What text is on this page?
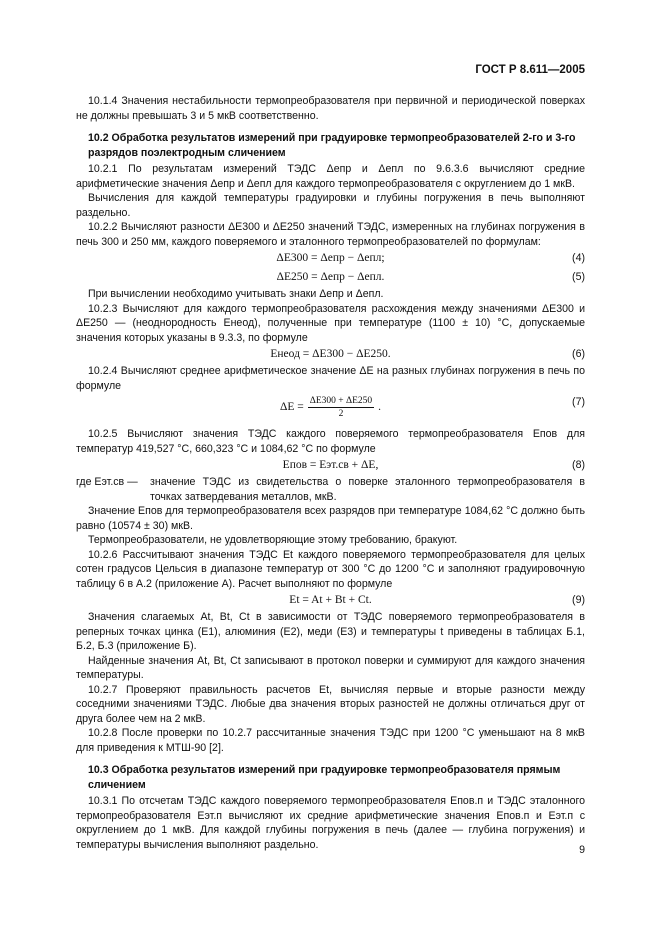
ГОСТ Р 8.611—2005

10.1.4 Значения нестабильности термопреобразователя при первичной и периодической поверках не должны превышать 3 и 5 мкВ соответственно.

10.2 Обработка результатов измерений при градуировке термопреобразователей 2-го и 3-го
разрядов поэлектродным сличением

10.2.1 По результатам измерений ТЭДС Δeпр и Δeпл по 9.6.3.6 вычисляют средние арифметические значения Δeпр и Δeпл для каждого термопреобразователя с округлением до 1 мкВ.

Вычисления для каждой температуры градуировки и глубины погружения в печь выполняют раздельно.

10.2.2 Вычисляют разности ΔE300 и ΔE250 значений ТЭДС, измеренных на глубинах погружения в печь 300 и 250 мм, каждого поверяемого и эталонного термопреобразователей по формулам:

ΔE300 = Δeпр − Δeпл;	(4)
ΔE250 = Δeпр − Δeпл.	(5)

При вычислении необходимо учитывать знаки Δeпр и Δeпл.

10.2.3 Вычисляют для каждого термопреобразователя расхождения между значениями ΔE300 и ΔE250 — (неоднородность Eнеод), полученные при температуре (1100 ± 10) °С, допускаемые значения которых указаны в 9.3.3, по формуле

Eнеод = ΔE300 − ΔE250.	(6)

10.2.4 Вычисляют среднее арифметическое значение ΔE на разных глубинах погружения в печь по формуле

$\Delta E = \frac{\Delta E300 + \Delta E250}{2}$ .	(7)

10.2.5 Вычисляют значения ТЭДС каждого поверяемого термопреобразователя Eпов для температур 419,527 °С, 660,323 °С и 1084,62 °С по формуле

Eпов = Eэт.св + ΔE,	(8)
где Eэт.св —	значение ТЭДС из свидетельства о поверке эталонного термопреобразователя в точках затвердевания металлов, мкВ.

Значение Eпов для термопреобразователя всех разрядов при температуре 1084,62 °С должно быть равно (10574 ± 30) мкВ.

Термопреобразователи, не удовлетворяющие этому требованию, бракуют.

10.2.6 Рассчитывают значения ТЭДС Et каждого поверяемого термопреобразователя для целых сотен градусов Цельсия в диапазоне температур от 300 °С до 1200 °С и заполняют градуировочную таблицу 6 в А.2 (приложение А). Расчет выполняют по формуле

Et = At + Bt + Ct.	(9)

Значения слагаемых At, Bt, Ct в зависимости от ТЭДС поверяемого термопреобразователя в реперных точках цинка (E1), алюминия (E2), меди (E3) и температуры t приведены в таблицах Б.1, Б.2, Б.3 (приложение Б).

Найденные значения At, Bt, Ct записывают в протокол поверки и суммируют для каждого значения температуры.

10.2.7 Проверяют правильность расчетов Et, вычисляя первые и вторые разности между соседними значениями ТЭДС. Любые два значения вторых разностей не должны отличаться друг от друга более чем на 2 мкВ.

10.2.8 После проверки по 10.2.7 рассчитанные значения ТЭДС при 1200 °С уменьшают на 8 мкВ для приведения к МТШ-90 [2].

10.3 Обработка результатов измерений при градуировке термопреобразователя прямым
сличением

10.3.1 По отсчетам ТЭДС каждого поверяемого термопреобразователя Eпов.п и ТЭДС эталонного термопреобразователя Eэт.п вычисляют их средние арифметические значения Eпов.п и Eэт.п с округлением до 1 мкВ. Для каждой глубины погружения в печь (далее — глубина погружения) и температуры вычисления выполняют раздельно.	9
